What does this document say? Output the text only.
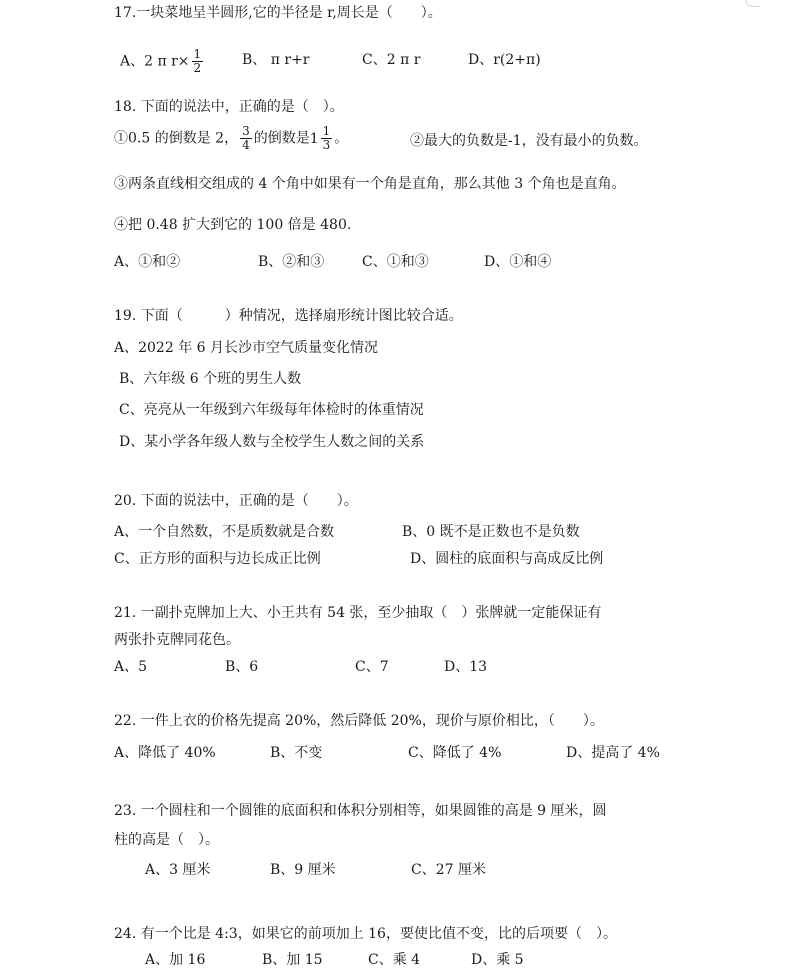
17.一块菜地呈半圆形,它的半径是 r,周长是（　　）。
A、2 π $r\times \frac{1}{2}$	B、 π r+r	C、2 π r	D、r(2+π)
18. 下面的说法中，正确的是（　）。
①0.5 的倒数是 2， $\frac{3}{4}$ 的倒数是 $1 \frac{1}{3}$ 。	②最大的负数是-1，没有最小的负数。
③两条直线相交组成的 4 个角中如果有一个角是直角，那么其他 3 个角也是直角。
④把 0.48 扩大到它的 100 倍是 480.
A、①和②	B、②和③	C、①和③	D、①和④
19. 下面（　　　）种情况，选择扇形统计图比较合适。
A、2022 年 6 月长沙市空气质量变化情况
B、六年级 6 个班的男生人数
C、亮亮从一年级到六年级每年体检时的体重情况
D、某小学各年级人数与全校学生人数之间的关系
20. 下面的说法中，正确的是（　　）。
A、一个自然数，不是质数就是合数	B、0 既不是正数也不是负数
C、正方形的面积与边长成正比例	D、圆柱的底面积与高成反比例
21. 一副扑克牌加上大、小王共有 54 张，至少抽取（　）张牌就一定能保证有
两张扑克牌同花色。
A、5	B、6	C、7	D、13
22. 一件上衣的价格先提高 20%，然后降低 20%，现价与原价相比，（　　）。
A、降低了 40%	B、不变	C、降低了 4%	D、提高了 4%
23. 一个圆柱和一个圆锥的底面积和体积分别相等，如果圆锥的高是 9 厘米，圆
柱的高是（　）。
A、3 厘米	B、9 厘米	C、27 厘米
24. 有一个比是 4:3，如果它的前项加上 16，要使比值不变，比的后项要（　）。
A、加 16	B、加 15	C、乘 4	D、乘 5
